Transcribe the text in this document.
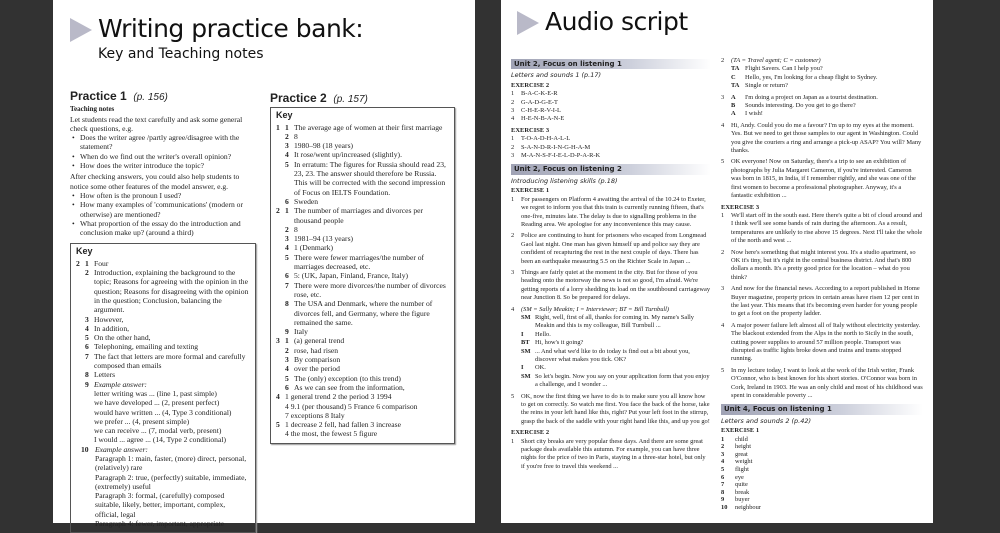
Writing practice bank:
Key and Teaching notes
Practice 1 (p. 156)
Teaching notes
Let students read the text carefully and ask some general check questions, e.g.
• Does the writer agree /partly agree/disagree with the statement?
• When do we find out the writer's overall opinion?
• How does the writer introduce the topic?
After checking answers, you could also help students to notice some other features of the model answer, e.g.
• How often is the pronoun I used?
• How many examples of 'communications' (modern or otherwise) are mentioned?
• What proportion of the essay do the introduction and conclusion make up? (around a third)
Key
2 1 Four
2 Introduction, explaining the background to the topic; Reasons for agreeing with the opinion in the question; Reasons for disagreeing with the opinion in the question; Conclusion, balancing the argument.
3 However,
4 In addition,
5 On the other hand,
6 Telephoning, emailing and texting
7 The fact that letters are more formal and carefully composed than emails
8 Letters
9 Example answer:
letter writing was ... (line 1, past simple)
we have developed ... (2, present perfect)
would have written ... (4, Type 3 conditional)
we prefer ... (4, present simple)
we can receive ... (7, modal verb, present)
I would ... agree ... (14, Type 2 conditional)
10 Example answer:
Paragraph 1: main, faster, (more) direct, personal, (relatively) rare
Paragraph 2: true, (perfectly) suitable, immediate, (extremely) useful
Paragraph 3: formal, (carefully) composed suitable, likely, better, important, complex, official, legal
Paragraph 4: fewer, important, appropriate
Practice 2 (p. 157)
Key
1 1 The average age of women at their first marriage
2 8
3 1980–98 (18 years)
4 It rose/went up/increased (slightly).
5 In erratum: The figures for Russia should read 23, 23, 23. The answer should therefore be Russia. This will be corrected with the second impression of Focus on IELTS Foundation.
6 Sweden
2 1 The number of marriages and divorces per thousand people
2 8
3 1981–94 (13 years)
4 1 (Denmark)
5 There were fewer marriages/the number of marriages decreased, etc.
6 5: (UK, Japan, Finland, France, Italy)
7 There were more divorces/the number of divorces rose, etc.
8 The USA and Denmark, where the number of divorces fell, and Germany, where the figure remained the same.
9 Italy
3 1 (a) general trend
2 rose, had risen
3 By comparison
4 over the period
5 The (only) exception (to this trend)
6 As we can see from the information,
4 1 general trend 2 the period 3 1994
4 9.1 (per thousand) 5 France 6 comparison
7 exceptions 8 Italy
5 1 decrease 2 fell, had fallen 3 increase
4 the most, the fewest 5 figure
Audio script
Unit 2, Focus on listening 1
Letters and sounds 1 (p.17)
EXERCISE 2
1	B-A-C-K-E-R
2	G-A-D-G-E-T
3	C-H-E-R-V-I-L
4	H-E-N-B-A-N-E
EXERCISE 3
1	T-O-A-D-H-A-L-L
2	S-A-N-D-R-I-N-G-H-A-M
3	M-A-N-S-F-I-E-L-D-P-A-R-K
Unit 2, Focus on listening 2
Introducing listening skills (p.18)
EXERCISE 1
1	For passengers on Platform 4 awaiting the arrival of the 10.24 to Exeter, we regret to inform you that this train is currently running fifteen, that's one-five, minutes late. The delay is due to signalling problems in the Reading area. We apologise for any inconvenience this may cause.
2	Police are continuing to hunt for prisoners who escaped from Longmead Gaol last night. One man has given himself up and police say they are confident of recapturing the rest in the next couple of days. There has been an earthquake measuring 5.5 on the Richter Scale in Japan ...
3	Things are fairly quiet at the moment in the city. But for those of you heading onto the motorway the news is not so good, I'm afraid. We're getting reports of a lorry shedding its load on the southbound carriageway near Junction 8. So be prepared for delays.
4	(SM = Sally Meakin; I = Interviewer; BT = Bill Turnbull)
SM Right, well, first of all, thanks for coming in. My name's Sally Meakin and this is my colleague, Bill Turnbull ...
I	Hello.
BT Hi, how's it going?
SM ... And what we'd like to do today is find out a bit about you, discover what makes you tick. OK?
I	OK.
SM So let's begin. Now you say on your application form that you enjoy a challenge, and I wonder ...
5	OK, now the first thing we have to do is to make sure you all know how to get on correctly. So watch me first. You face the back of the horse, take the reins in your left hand like this, right? Put your left foot in the stirrup, grasp the back of the saddle with your right hand like this, and up you go!
EXERCISE 2
1	Short city breaks are very popular these days. And there are some great package deals available this autumn. For example, you can have three nights for the price of two in Paris, staying in a three-star hotel, but only if you're free to travel this weekend ...
2	(TA = Travel agent; C = customer)
TA Flight Savers. Can I help you?
C	Hello, yes, I'm looking for a cheap flight to Sydney.
TA Single or return?
3	A	I'm doing a project on Japan as a tourist destination.
B	Sounds interesting. Do you get to go there?
A	I wish!
4	Hi, Andy. Could you do me a favour? I'm up to my eyes at the moment. Yes. But we need to get those samples to our agent in Washington. Could you give the couriers a ring and arrange a pick-up ASAP? You will? Many thanks.
5	OK everyone! Now on Saturday, there's a trip to see an exhibition of photographs by Julia Margaret Cameron, if you're interested. Cameron was born in 1815, in India, if I remember rightly, and she was one of the first women to become a professional photographer. Anyway, it's a fantastic exhibition ...
EXERCISE 3
1	We'll start off in the south east. Here there's quite a bit of cloud around and I think we'll see some bands of rain during the afternoon. As a result, temperatures are unlikely to rise above 15 degrees. Next I'll take the whole of the north and west ...
2	Now here's something that might interest you. It's a studio apartment, so OK it's tiny, but it's right in the central business district. And that's 800 dollars a month. It's a pretty good price for the location – what do you think?
3	And now for the financial news. According to a report published in Home Buyer magazine, property prices in certain areas have risen 12 per cent in the last year. This means that it's becoming even harder for young people to get a foot on the property ladder.
4	A major power failure left almost all of Italy without electricity yesterday. The blackout extended from the Alps in the north to Sicily in the south, cutting power supplies to around 57 million people. Transport was disrupted as traffic lights broke down and trains and trams stopped running.
5	In my lecture today, I want to look at the work of the Irish writer, Frank O'Connor, who is best known for his short stories. O'Connor was born in Cork, Ireland in 1903. He was an only child and most of his childhood was spent in considerable poverty ...
Unit 4, Focus on listening 1
Letters and sounds 2 (p.42)
EXERCISE 1
1	child
2	height
3	great
4	weight
5	flight
6	eye
7	quite
8	break
9	buyer
10	neighbour
